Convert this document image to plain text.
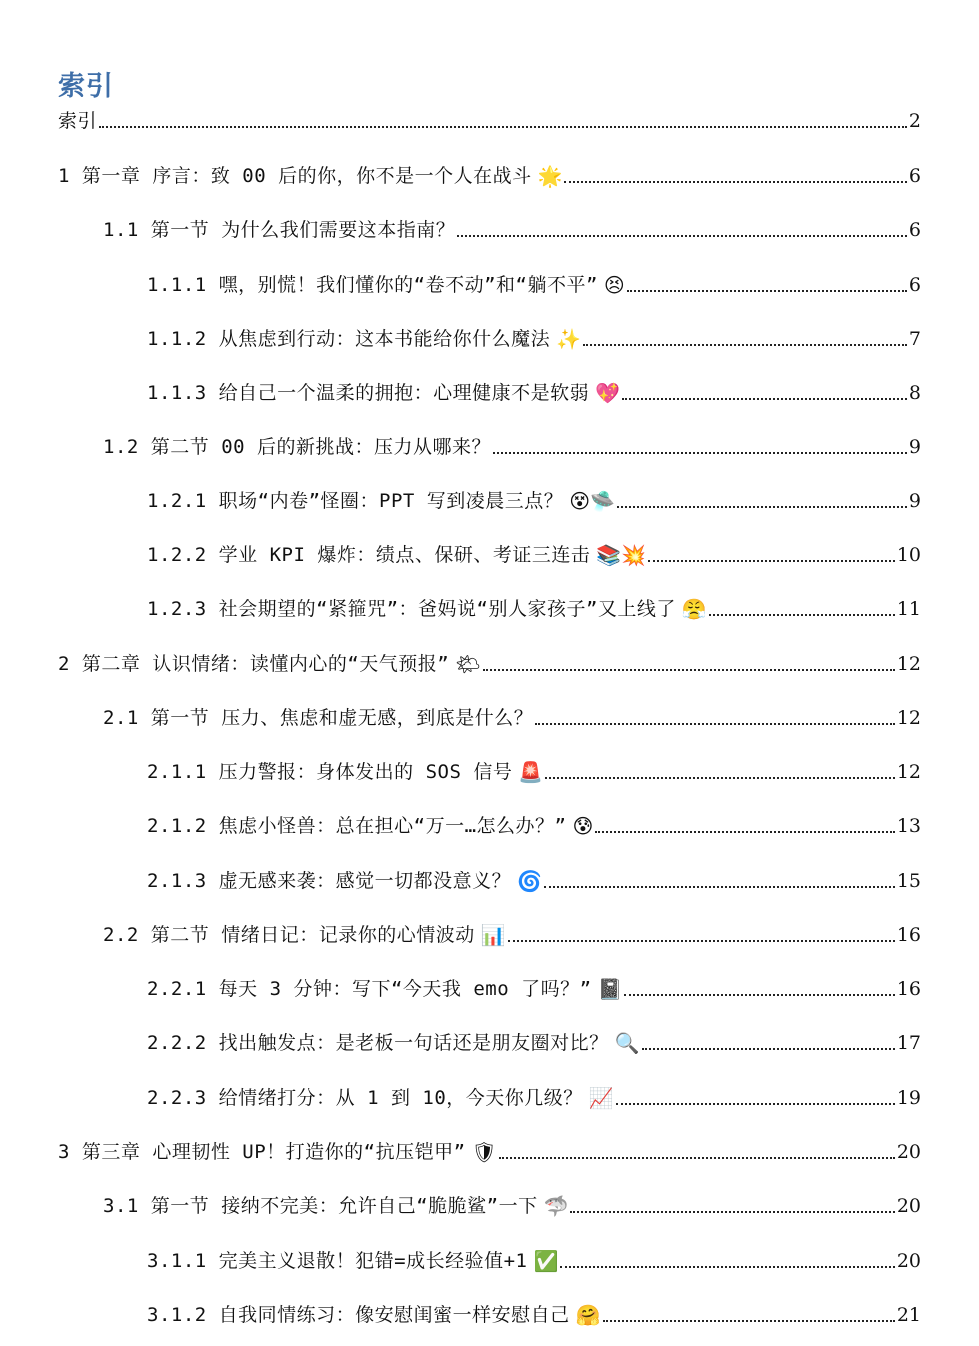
索引
索引	2
1 第一章 序言：致 00 后的你，你不是一个人在战斗 🌟	6
1.1 第一节 为什么我们需要这本指南？	6
1.1.1 嘿，别慌！我们懂你的“卷不动”和“躺不平” 😣	6
1.1.2 从焦虑到行动：这本书能给你什么魔法 ✨	7
1.1.3 给自己一个温柔的拥抱：心理健康不是软弱 💖	8
1.2 第二节 00 后的新挑战：压力从哪来？	9
1.2.1 职场“内卷”怪圈：PPT 写到凌晨三点？ 😵🛸	9
1.2.2 学业 KPI 爆炸：绩点、保研、考证三连击 📚💥	10
1.2.3 社会期望的“紧箍咒”：爸妈说“别人家孩子”又上线了 😤	11
2 第二章 认识情绪：读懂内心的“天气预报” 🌤	12
2.1 第一节 压力、焦虑和虚无感，到底是什么？	12
2.1.1 压力警报：身体发出的 SOS 信号 🚨	12
2.1.2 焦虑小怪兽：总在担心“万一…怎么办？” 😰	13
2.1.3 虚无感来袭：感觉一切都没意义？ 🌀	15
2.2 第二节 情绪日记：记录你的心情波动 📊	16
2.2.1 每天 3 分钟：写下“今天我 emo 了吗？” 📓	16
2.2.2 找出触发点：是老板一句话还是朋友圈对比？ 🔍	17
2.2.3 给情绪打分：从 1 到 10，今天你几级？ 📈	19
3 第三章 心理韧性 UP！打造你的“抗压铠甲” 🛡	20
3.1 第一节 接纳不完美：允许自己“脆脆鲨”一下 🦈	20
3.1.1 完美主义退散！犯错=成长经验值+1 ✅	20
3.1.2 自我同情练习：像安慰闺蜜一样安慰自己 🤗	21
